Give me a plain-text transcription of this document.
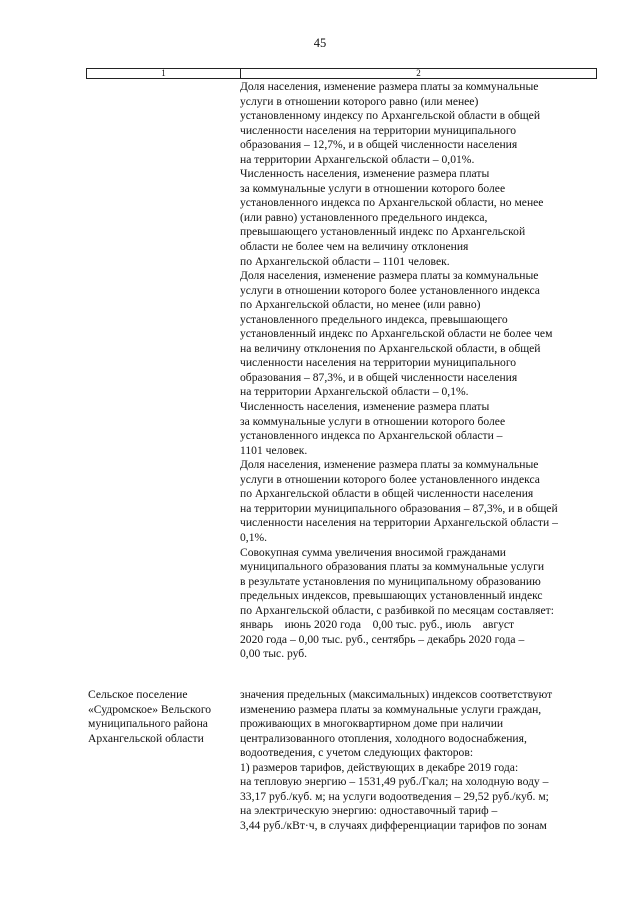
45
1	2
Доля населения, изменение размера платы за коммунальные
услуги в отношении которого равно (или менее)
установленному индексу по Архангельской области в общей
численности населения на территории муниципального
образования – 12,7%, и в общей численности населения
на территории Архангельской области – 0,01%.
Численность населения, изменение размера платы
за коммунальные услуги в отношении которого более
установленного индекса по Архангельской области, но менее
(или равно) установленного предельного индекса,
превышающего установленный индекс по Архангельской
области не более чем на величину отклонения
по Архангельской области – 1101 человек.
Доля населения, изменение размера платы за коммунальные
услуги в отношении которого более установленного индекса
по Архангельской области, но менее (или равно)
установленного предельного индекса, превышающего
установленный индекс по Архангельской области не более чем
на величину отклонения по Архангельской области, в общей
численности населения на территории муниципального
образования – 87,3%, и в общей численности населения
на территории Архангельской области – 0,1%.
Численность населения, изменение размера платы
за коммунальные услуги в отношении которого более
установленного индекса по Архангельской области –
1101 человек.
Доля населения, изменение размера платы за коммунальные
услуги в отношении которого более установленного индекса
по Архангельской области в общей численности населения
на территории муниципального образования – 87,3%, и в общей
численности населения на территории Архангельской области –
0,1%.
Совокупная сумма увеличения вносимой гражданами
муниципального образования платы за коммунальные услуги
в результате установления по муниципальному образованию
предельных индексов, превышающих установленный индекс
по Архангельской области, с разбивкой по месяцам составляет:
январь    июнь 2020 года    0,00 тыс. руб., июль    август
2020 года – 0,00 тыс. руб., сентябрь – декабрь 2020 года –
0,00 тыс. руб.
Сельское поселение
«Судромское» Вельского
муниципального района
Архангельской области
значения предельных (максимальных) индексов соответствуют
изменению размера платы за коммунальные услуги граждан,
проживающих в многоквартирном доме при наличии
централизованного отопления, холодного водоснабжения,
водоотведения, с учетом следующих факторов:
1) размеров тарифов, действующих в декабре 2019 года:
на тепловую энергию – 1531,49 руб./Гкал; на холодную воду –
33,17 руб./куб. м; на услуги водоотведения – 29,52 руб./куб. м;
на электрическую энергию: одноставочный тариф –
3,44 руб./кВт·ч, в случаях дифференциации тарифов по зонам
